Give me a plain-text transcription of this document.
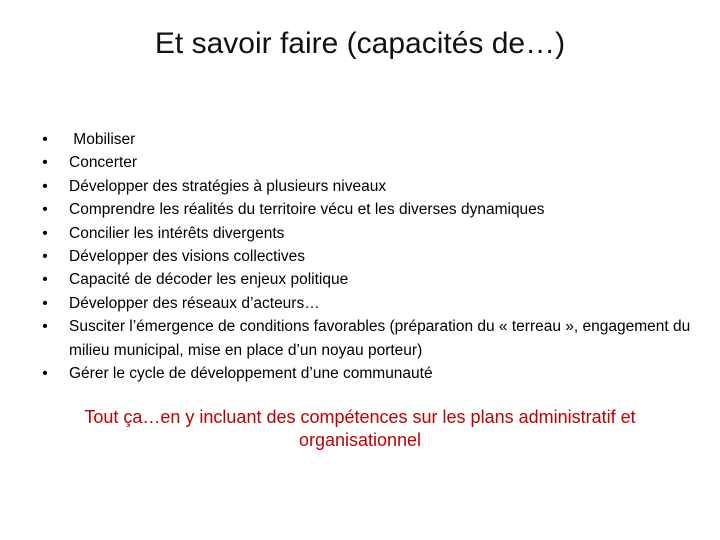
Et savoir faire (capacités de…)
• Mobiliser
• Concerter
• Développer des stratégies à plusieurs niveaux
• Comprendre les réalités du territoire vécu et les diverses dynamiques
• Concilier les intérêts divergents
• Développer des visions collectives
• Capacité de décoder les enjeux politique
• Développer des réseaux d’acteurs…
• Susciter l’émergence de conditions favorables (préparation du « terreau », engagement du milieu municipal, mise en place d’un noyau porteur)
• Gérer le cycle de développement d’une communauté
Tout ça…en y incluant des compétences sur les plans administratif et organisationnel
